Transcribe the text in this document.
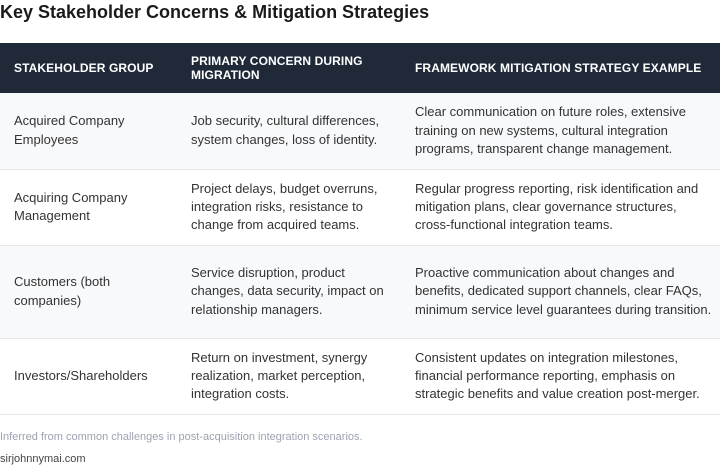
Key Stakeholder Concerns & Mitigation Strategies
STAKEHOLDER GROUP	PRIMARY CONCERN DURING MIGRATION	FRAMEWORK MITIGATION STRATEGY EXAMPLE
Acquired Company Employees	Job security, cultural differences, system changes, loss of identity.	Clear communication on future roles, extensive training on new systems, cultural integration programs, transparent change management.
Acquiring Company Management	Project delays, budget overruns, integration risks, resistance to change from acquired teams.	Regular progress reporting, risk identification and mitigation plans, clear governance structures, cross-functional integration teams.
Customers (both companies)	Service disruption, product changes, data security, impact on relationship managers.	Proactive communication about changes and benefits, dedicated support channels, clear FAQs, minimum service level guarantees during transition.
Investors/Shareholders	Return on investment, synergy realization, market perception, integration costs.	Consistent updates on integration milestones, financial performance reporting, emphasis on strategic benefits and value creation post-merger.
Inferred from common challenges in post-acquisition integration scenarios.
sirjohnnymai.com
